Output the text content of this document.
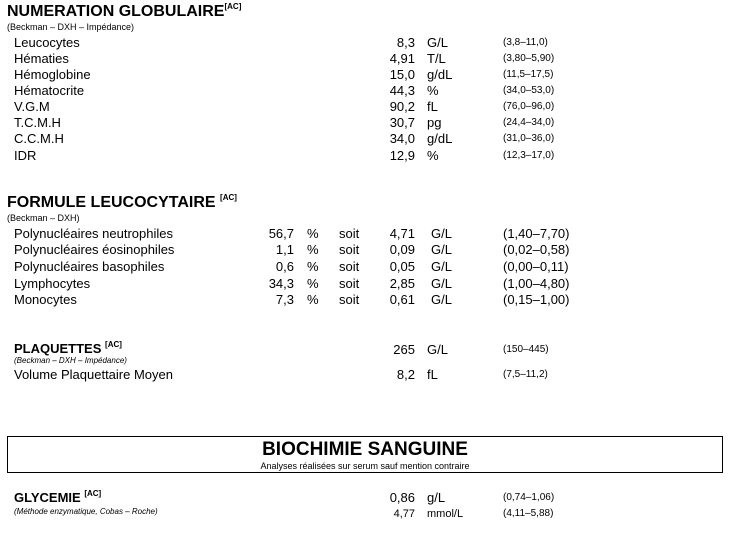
NUMERATION GLOBULAIRE[AC]
(Beckman – DXH – Impédance)
Leucocytes	8,3 G/L	(3,8–11,0)
Hématies	4,91 T/L	(3,80–5,90)
Hémoglobine	15,0 g/dL	(11,5–17,5)
Hématocrite	44,3 %	(34,0–53,0)
V.G.M	90,2 fL	(76,0–96,0)
T.C.M.H	30,7 pg	(24,4–34,0)
C.C.M.H	34,0 g/dL	(31,0–36,0)
IDR	12,9 %	(12,3–17,0)
FORMULE LEUCOCYTAIRE [AC]
(Beckman – DXH)
Polynucléaires neutrophiles	56,7 % soit 4,71 G/L	(1,40–7,70)
Polynucléaires éosinophiles	1,1 % soit 0,09 G/L	(0,02–0,58)
Polynucléaires basophiles	0,6 % soit 0,05 G/L	(0,00–0,11)
Lymphocytes	34,3 % soit 2,85 G/L	(1,00–4,80)
Monocytes	7,3 % soit 0,61 G/L	(0,15–1,00)
PLAQUETTES [AC]
(Beckman – DXH – Impédance)
265 G/L	(150–445)
Volume Plaquettaire Moyen	8,2 fL	(7,5–11,2)
BIOCHIMIE SANGUINE
Analyses réalisées sur serum sauf mention contraire
GLYCEMIE [AC]
(Méthode enzymatique, Cobas – Roche)
0,86 g/L	(0,74–1,06)
4,77 mmol/L	(4,11–5,88)
